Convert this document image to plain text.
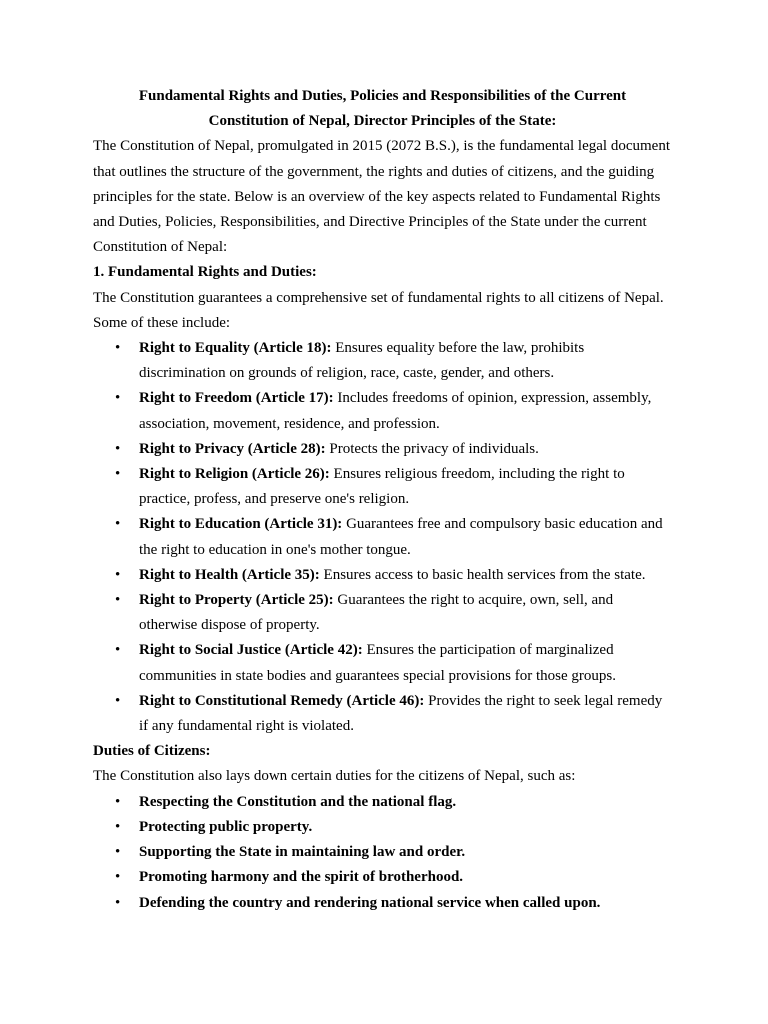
Fundamental Rights and Duties, Policies and Responsibilities of the Current
Constitution of Nepal, Director Principles of the State:

The Constitution of Nepal, promulgated in 2015 (2072 B.S.), is the fundamental legal document that outlines the structure of the government, the rights and duties of citizens, and the guiding principles for the state. Below is an overview of the key aspects related to Fundamental Rights and Duties, Policies, Responsibilities, and Directive Principles of the State under the current Constitution of Nepal:

1. Fundamental Rights and Duties:

The Constitution guarantees a comprehensive set of fundamental rights to all citizens of Nepal. Some of these include:

• Right to Equality (Article 18): Ensures equality before the law, prohibits discrimination on grounds of religion, race, caste, gender, and others.
• Right to Freedom (Article 17): Includes freedoms of opinion, expression, assembly, association, movement, residence, and profession.
• Right to Privacy (Article 28): Protects the privacy of individuals.
• Right to Religion (Article 26): Ensures religious freedom, including the right to practice, profess, and preserve one's religion.
• Right to Education (Article 31): Guarantees free and compulsory basic education and the right to education in one's mother tongue.
• Right to Health (Article 35): Ensures access to basic health services from the state.
• Right to Property (Article 25): Guarantees the right to acquire, own, sell, and otherwise dispose of property.
• Right to Social Justice (Article 42): Ensures the participation of marginalized communities in state bodies and guarantees special provisions for those groups.
• Right to Constitutional Remedy (Article 46): Provides the right to seek legal remedy if any fundamental right is violated.
Duties of Citizens:

The Constitution also lays down certain duties for the citizens of Nepal, such as:

• Respecting the Constitution and the national flag.
• Protecting public property.
• Supporting the State in maintaining law and order.
• Promoting harmony and the spirit of brotherhood.
• Defending the country and rendering national service when called upon.
